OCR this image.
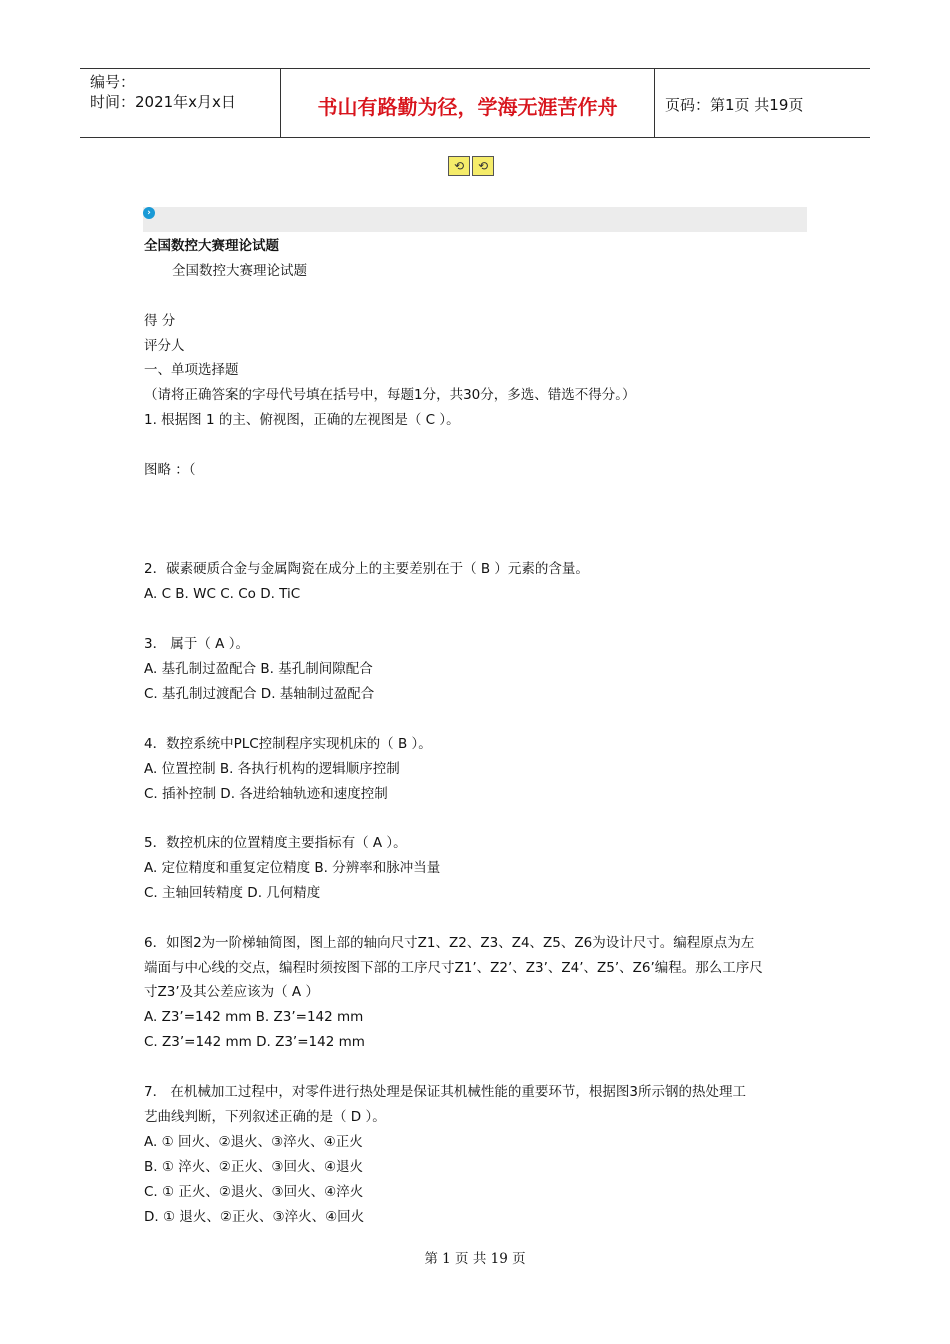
编号：
时间：2021年x月x日	书山有路勤为径，学海无涯苦作舟	页码：第1页 共19页
⟲	⟲
›
全国数控大赛理论试题
全国数控大赛理论试题
得 分
评分人
一、单项选择题
（请将正确答案的字母代号填在括号中，每题1分，共30分，多选、错选不得分。）
1. 根据图 1 的主、俯视图，正确的左视图是（ C ）。
图略 ：（
2．碳素硬质合金与金属陶瓷在成分上的主要差别在于（ B ）元素的含量。
A. C B. WC C. Co D. TiC
3． 属于（ A ）。
A. 基孔制过盈配合 B. 基孔制间隙配合
C. 基孔制过渡配合 D. 基轴制过盈配合
4．数控系统中PLC控制程序实现机床的（ B ）。
A. 位置控制 B. 各执行机构的逻辑顺序控制
C. 插补控制 D. 各进给轴轨迹和速度控制
5．数控机床的位置精度主要指标有（ A ）。
A. 定位精度和重复定位精度 B. 分辨率和脉冲当量
C. 主轴回转精度 D. 几何精度
6．如图2为一阶梯轴简图，图上部的轴向尺寸Z1、Z2、Z3、Z4、Z5、Z6为设计尺寸。编程原点为左
端面与中心线的交点，编程时须按图下部的工序尺寸Z1’、Z2’、Z3’、Z4’、Z5’、Z6’编程。那么工序尺
寸Z3’及其公差应该为（ A ）
A. Z3’=142 mm B. Z3’=142 mm
C. Z3’=142 mm D. Z3’=142 mm
7． 在机械加工过程中，对零件进行热处理是保证其机械性能的重要环节，根据图3所示钢的热处理工
艺曲线判断，下列叙述正确的是（ D ）。
A. ① 回火、②退火、③淬火、④正火
B. ① 淬火、②正火、③回火、④退火
C. ① 正火、②退火、③回火、④淬火
D. ① 退火、②正火、③淬火、④回火
第 1 页 共 19 页
